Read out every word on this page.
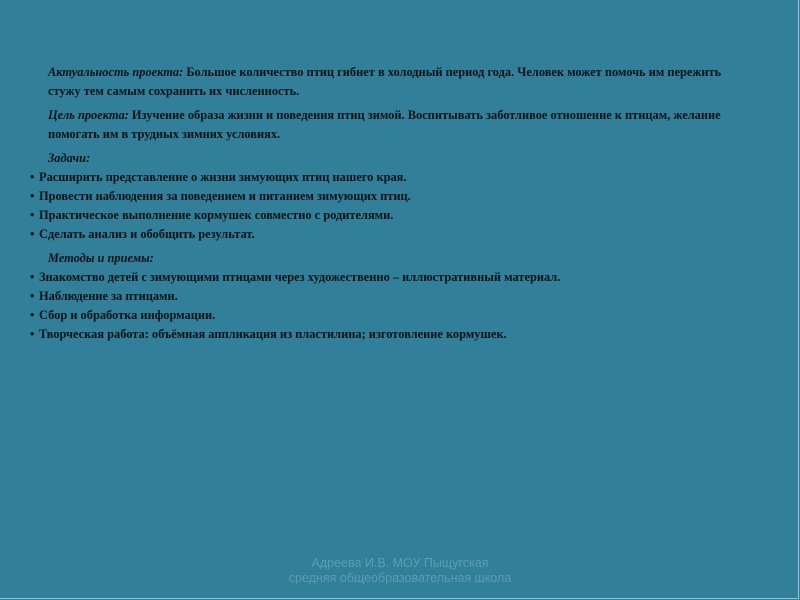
Актуальность проекта: Большое количество птиц гибнет в холодный период года. Человек может помочь им пережить стужу тем самым сохранить их численность.

Цель проекта: Изучение образа жизни и поведения птиц зимой. Воспитывать заботливое отношение к птицам, желание помогать им в трудных зимних условиях.

Задачи:
• Расширить представление о жизни зимующих птиц нашего края.
• Провести наблюдения за поведением и питанием зимующих птиц.
• Практическое выполнение кормушек совместно с родителями.
• Сделать анализ и обобщить результат.
Методы и приемы:
• Знакомство детей с зимующими птицами через художественно – иллюстративный материал.
• Наблюдение за птицами.
• Сбор и обработка информации.
• Творческая работа: объёмная аппликация из пластилина; изготовление кормушек.
Адреева И.В. МОУ Пыщугская
средняя общеобразовательная школа
